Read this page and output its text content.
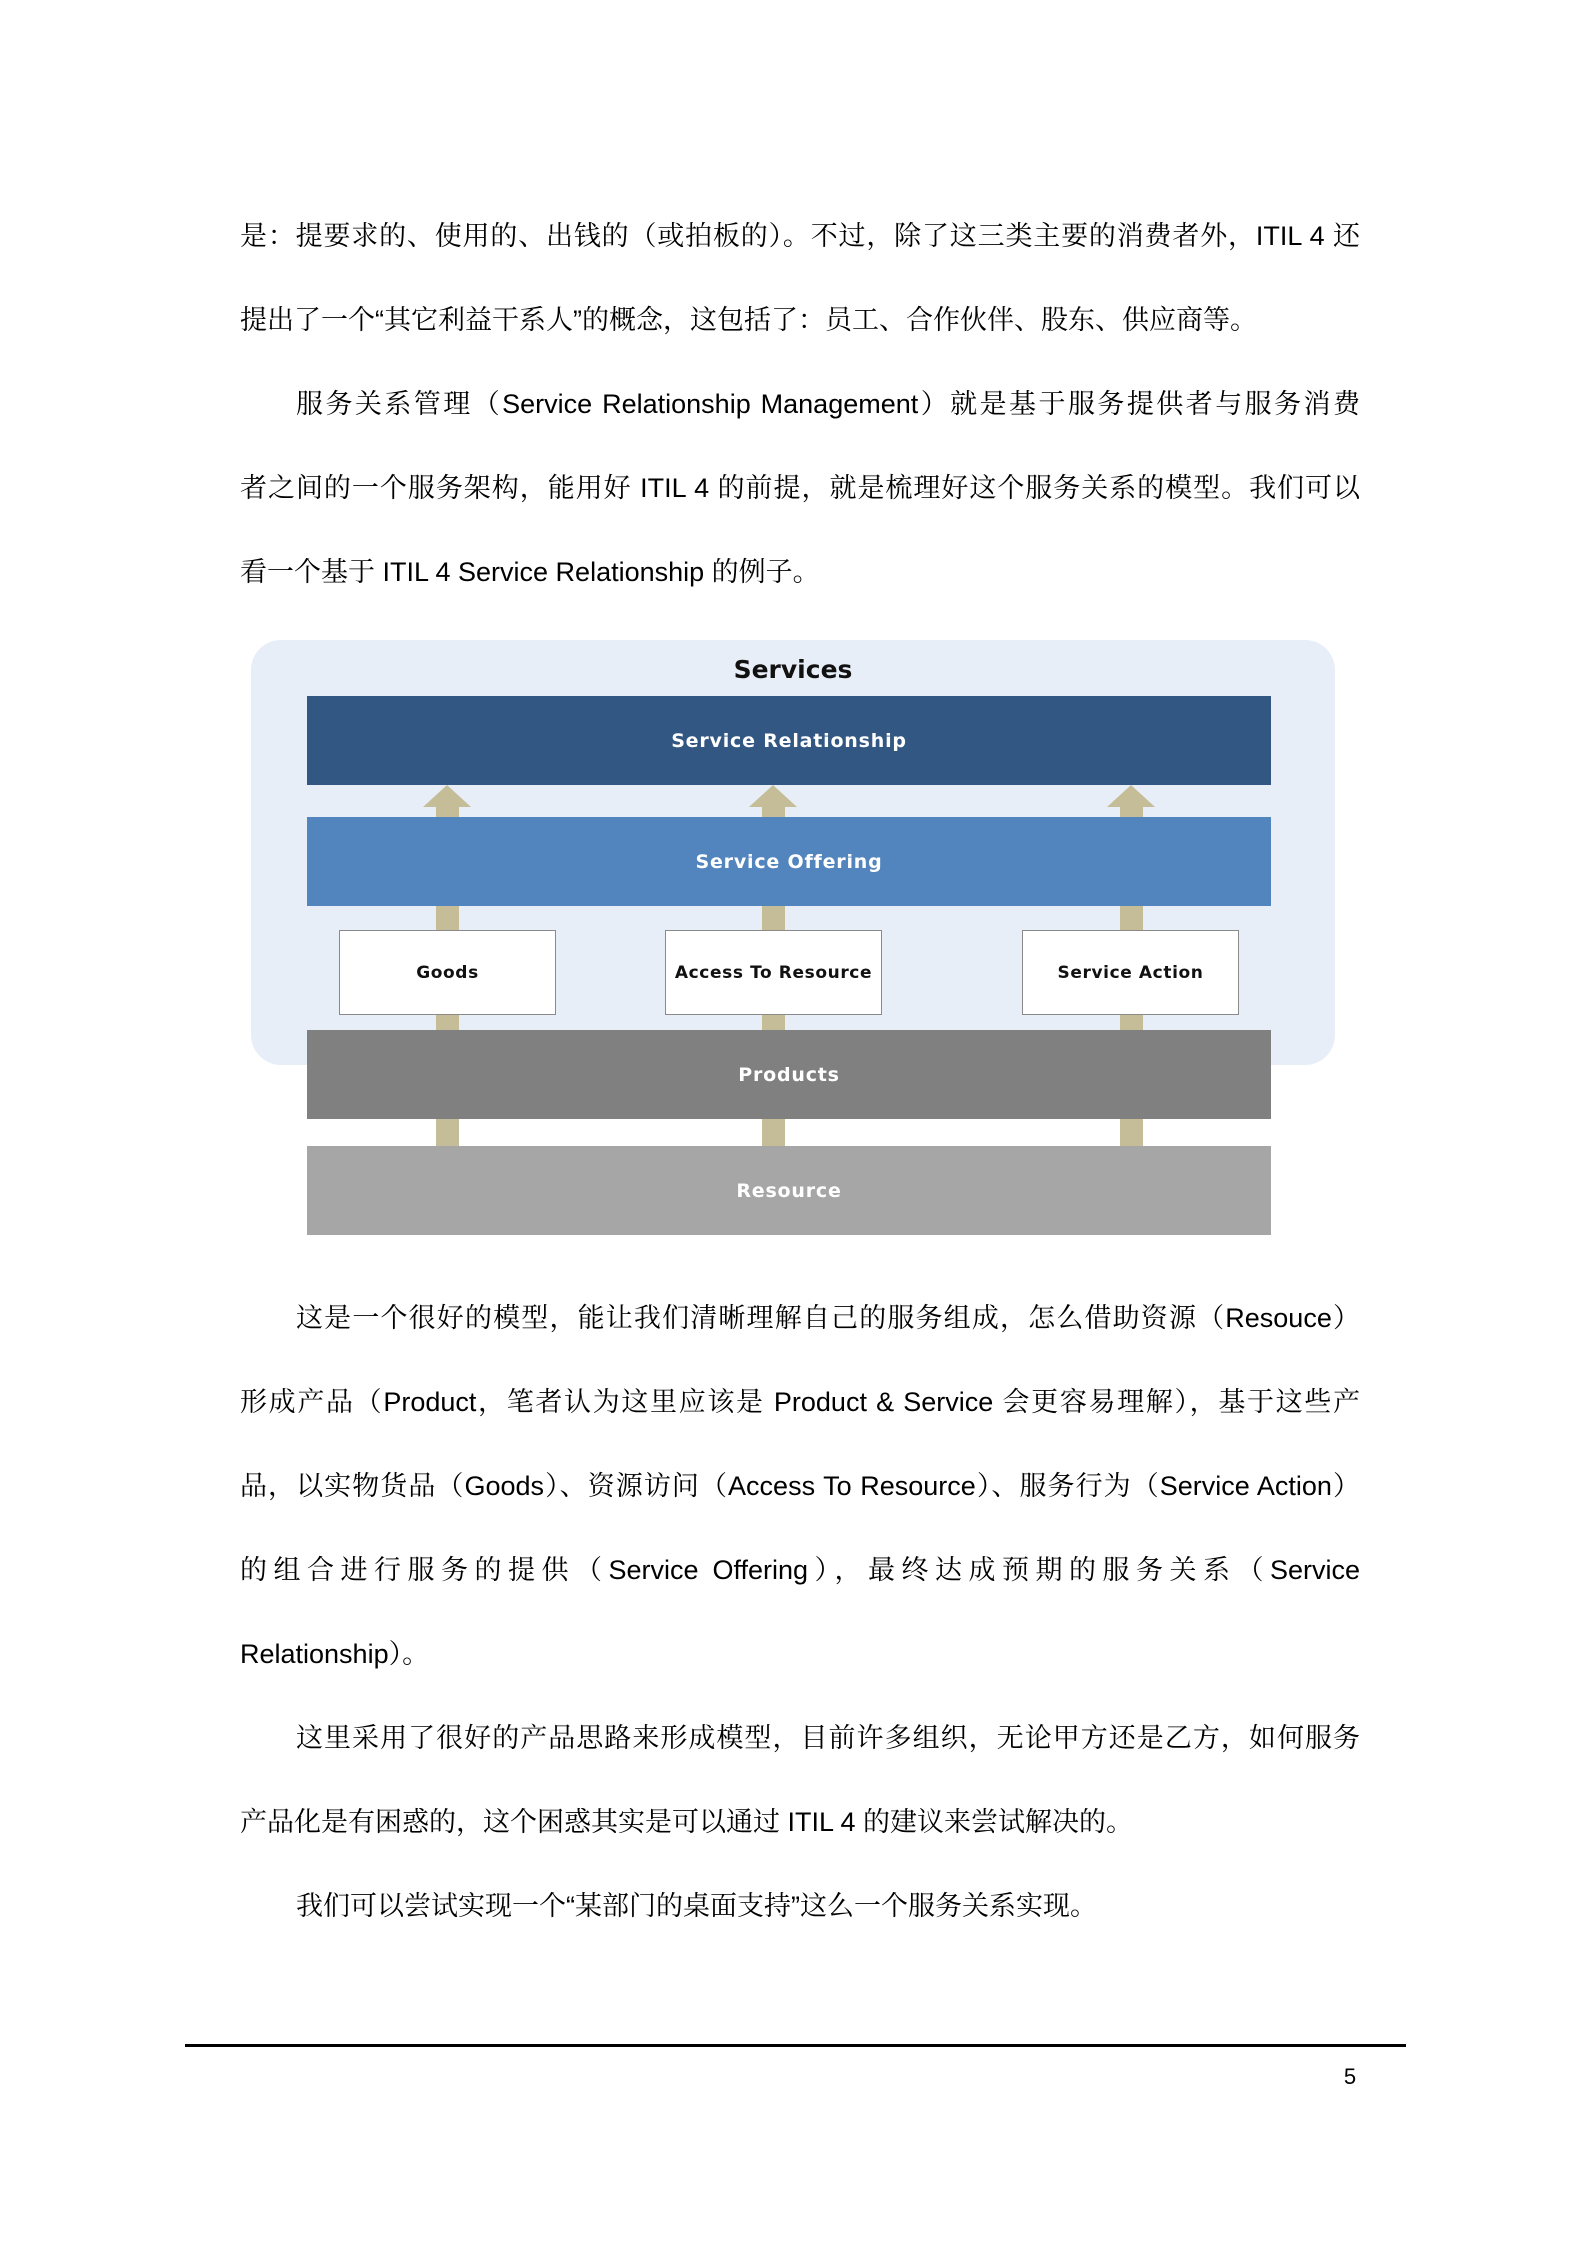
是：提要求的、使用的、出钱的（或拍板的）。不过，除了这三类主要的消费者外，ITIL 4 还
提出了一个“其它利益干系人”的概念，这包括了：员工、合作伙伴、股东、供应商等。
服务关系管理（Service Relationship Management）就是基于服务提供者与服务消费
者之间的一个服务架构，能用好 ITIL 4 的前提，就是梳理好这个服务关系的模型。我们可以
看一个基于 ITIL 4 Service Relationship 的例子。
Services
Service Relationship
Service Offering
Goods	Access To Resource	Service Action
Products
Resource
这是一个很好的模型，能让我们清晰理解自己的服务组成，怎么借助资源（Resouce）
形成产品（Product，笔者认为这里应该是 Product & Service 会更容易理解），基于这些产
品，以实物货品（Goods）、资源访问（Access To Resource）、服务行为（Service Action）
的组合进行服务的提供（Service Offering），最终达成预期的服务关系（Service
Relationship）。
这里采用了很好的产品思路来形成模型，目前许多组织，无论甲方还是乙方，如何服务
产品化是有困惑的，这个困惑其实是可以通过 ITIL 4 的建议来尝试解决的。
我们可以尝试实现一个“某部门的桌面支持”这么一个服务关系实现。
5
